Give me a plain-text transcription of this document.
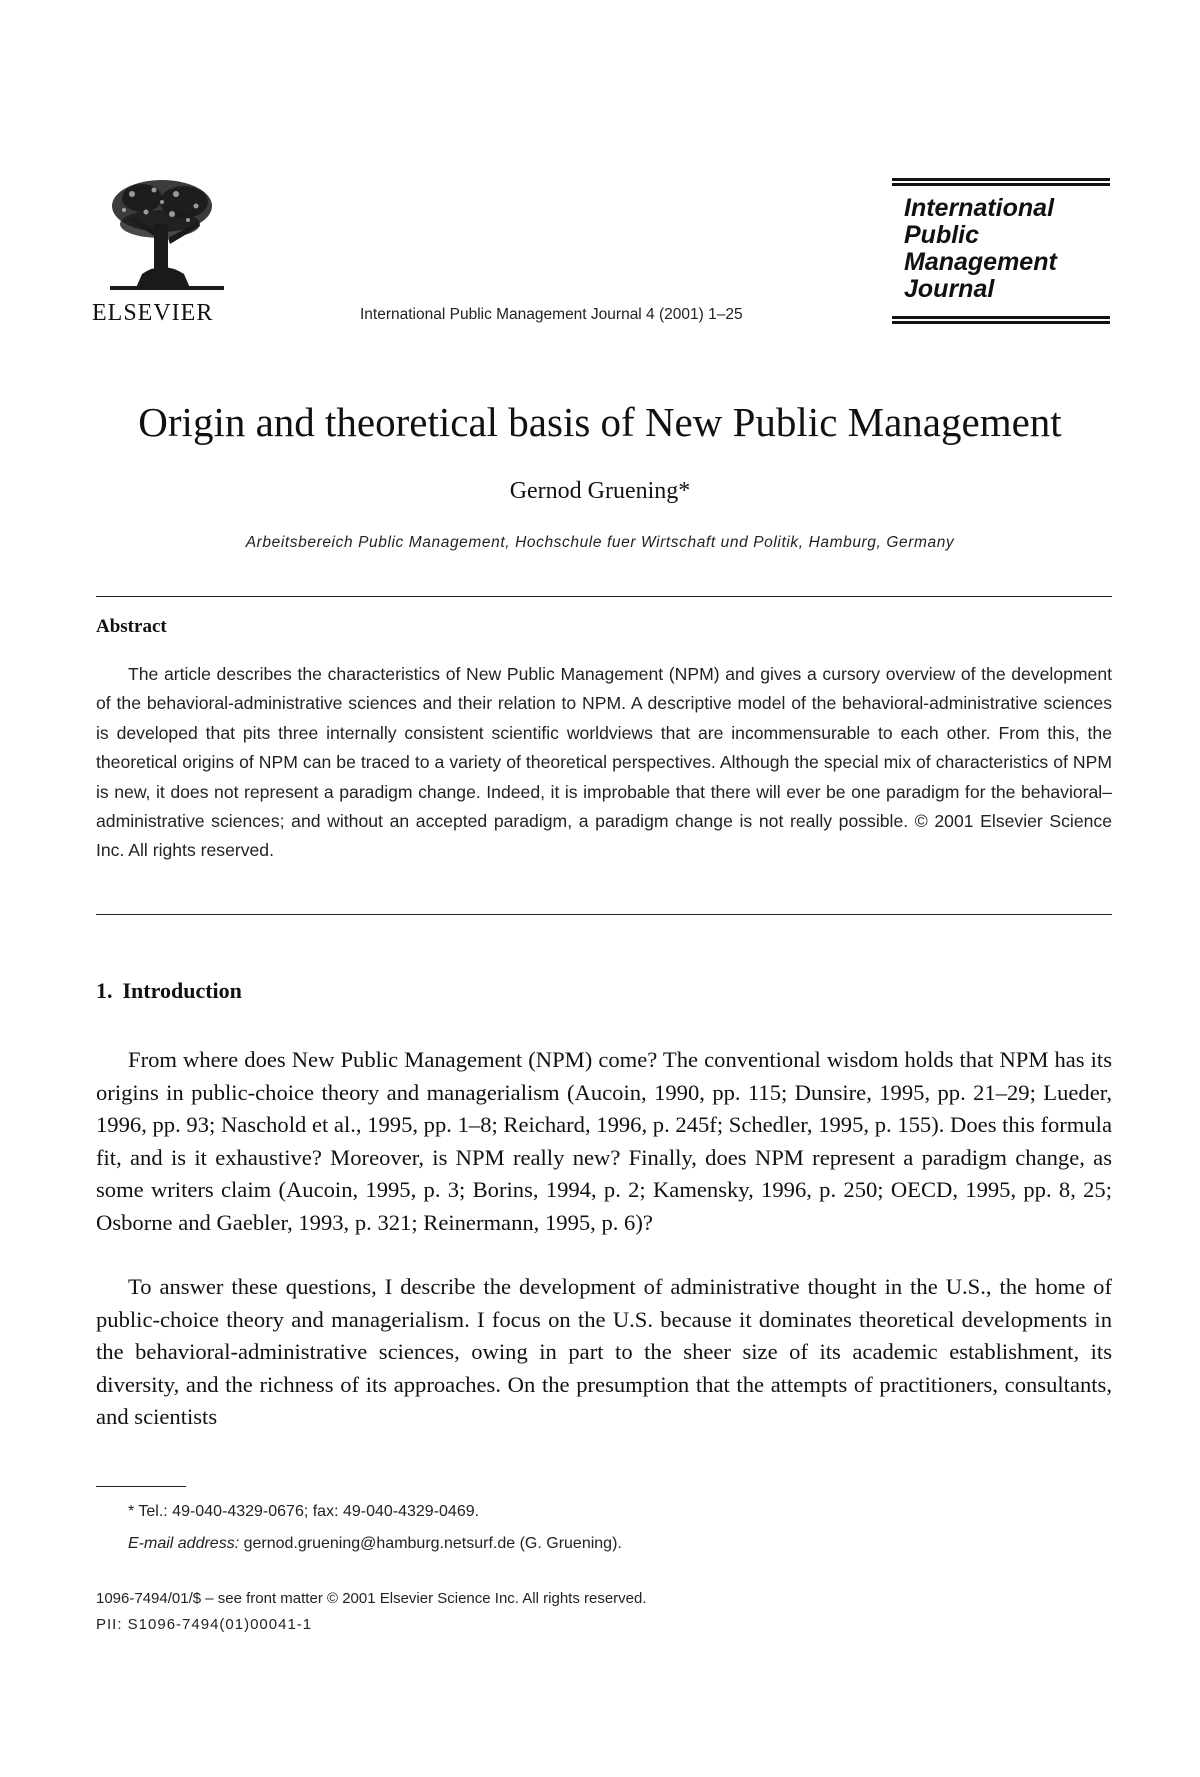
ELSEVIER	International Public Management Journal 4 (2001) 1–25
International
Public
Management
Journal
Origin and theoretical basis of New Public Management
Gernod Gruening*
Arbeitsbereich Public Management, Hochschule fuer Wirtschaft und Politik, Hamburg, Germany
Abstract

The article describes the characteristics of New Public Management (NPM) and gives a cursory overview of the development of the behavioral-administrative sciences and their relation to NPM. A descriptive model of the behavioral-administrative sciences is developed that pits three internally consistent scientific worldviews that are incommensurable to each other. From this, the theoretical origins of NPM can be traced to a variety of theoretical perspectives. Although the special mix of characteristics of NPM is new, it does not represent a paradigm change. Indeed, it is improbable that there will ever be one paradigm for the behavioral–administrative sciences; and without an accepted paradigm, a paradigm change is not really possible. © 2001 Elsevier Science Inc. All rights reserved.

1. Introduction

From where does New Public Management (NPM) come? The conventional wisdom holds that NPM has its origins in public-choice theory and managerialism (Aucoin, 1990, pp. 115; Dunsire, 1995, pp. 21–29; Lueder, 1996, pp. 93; Naschold et al., 1995, pp. 1–8; Reichard, 1996, p. 245f; Schedler, 1995, p. 155). Does this formula fit, and is it exhaustive? Moreover, is NPM really new? Finally, does NPM represent a paradigm change, as some writers claim (Aucoin, 1995, p. 3; Borins, 1994, p. 2; Kamensky, 1996, p. 250; OECD, 1995, pp. 8, 25; Osborne and Gaebler, 1993, p. 321; Reinermann, 1995, p. 6)?

To answer these questions, I describe the development of administrative thought in the U.S., the home of public-choice theory and managerialism. I focus on the U.S. because it dominates theoretical developments in the behavioral-administrative sciences, owing in part to the sheer size of its academic establishment, its diversity, and the richness of its approaches. On the presumption that the attempts of practitioners, consultants, and scientists

* Tel.: 49-040-4329-0676; fax: 49-040-4329-0469.
E-mail address: gernod.gruening@hamburg.netsurf.de (G. Gruening).
1096-7494/01/$ – see front matter © 2001 Elsevier Science Inc. All rights reserved.
PII: S1096-7494(01)00041-1
